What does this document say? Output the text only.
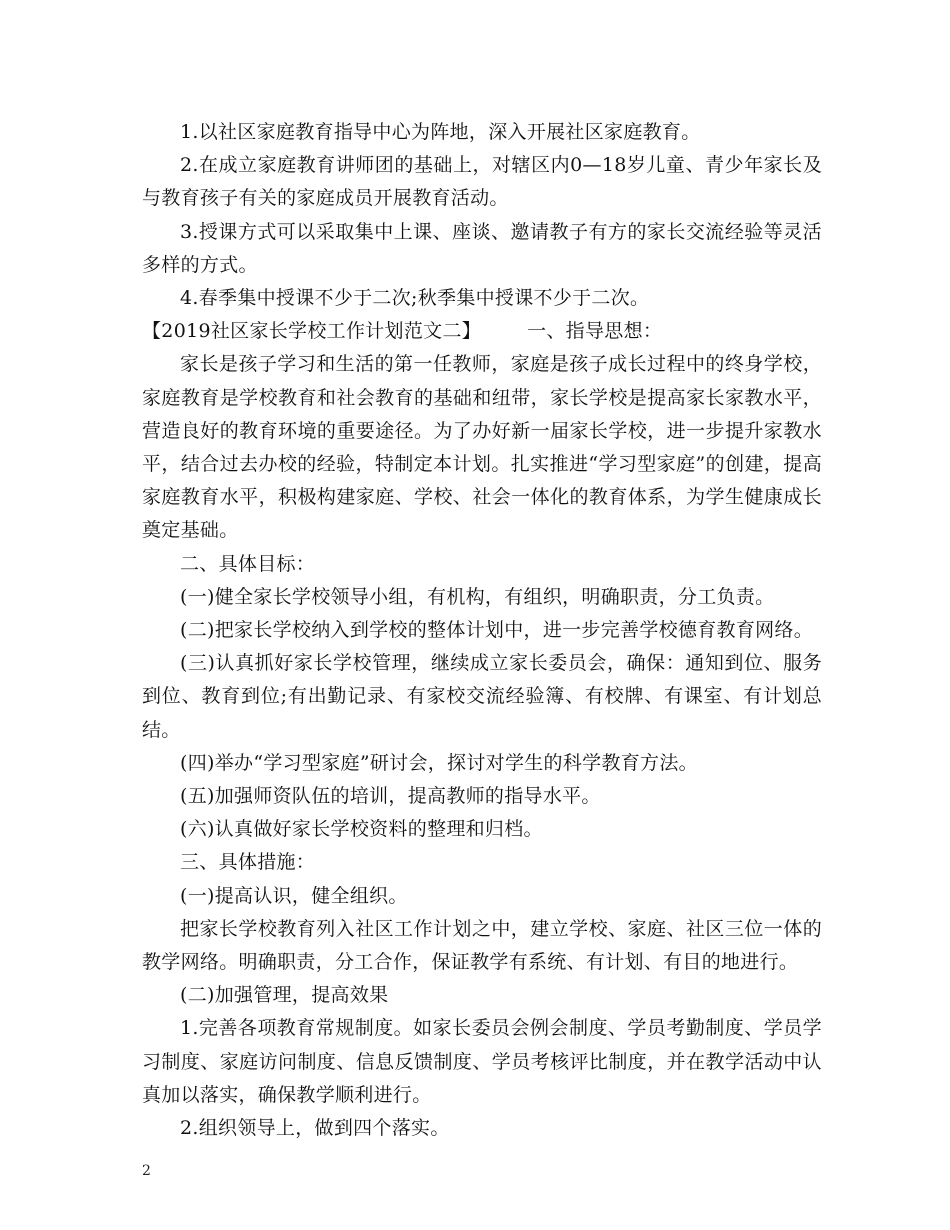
1.以社区家庭教育指导中心为阵地，深入开展社区家庭教育。

2.在成立家庭教育讲师团的基础上，对辖区内0—18岁儿童、青少年家长及与教育孩子有关的家庭成员开展教育活动。

3.授课方式可以采取集中上课、座谈、邀请教子有方的家长交流经验等灵活多样的方式。

4.春季集中授课不少于二次;秋季集中授课不少于二次。

【2019社区家长学校工作计划范文二】 一、指导思想：

家长是孩子学习和生活的第一任教师，家庭是孩子成长过程中的终身学校，家庭教育是学校教育和社会教育的基础和纽带，家长学校是提高家长家教水平，营造良好的教育环境的重要途径。为了办好新一届家长学校，进一步提升家教水平，结合过去办校的经验，特制定本计划。扎实推进“学习型家庭”的创建，提高家庭教育水平，积极构建家庭、学校、社会一体化的教育体系，为学生健康成长奠定基础。

二、具体目标：

(一)健全家长学校领导小组，有机构，有组织，明确职责，分工负责。

(二)把家长学校纳入到学校的整体计划中，进一步完善学校德育教育网络。

(三)认真抓好家长学校管理，继续成立家长委员会，确保：通知到位、服务到位、教育到位;有出勤记录、有家校交流经验簿、有校牌、有课室、有计划总结。

(四)举办“学习型家庭”研讨会，探讨对学生的科学教育方法。

(五)加强师资队伍的培训，提高教师的指导水平。

(六)认真做好家长学校资料的整理和归档。

三、具体措施：

(一)提高认识，健全组织。

把家长学校教育列入社区工作计划之中，建立学校、家庭、社区三位一体的教学网络。明确职责，分工合作，保证教学有系统、有计划、有目的地进行。

(二)加强管理，提高效果

1.完善各项教育常规制度。如家长委员会例会制度、学员考勤制度、学员学习制度、家庭访问制度、信息反馈制度、学员考核评比制度，并在教学活动中认真加以落实，确保教学顺利进行。

2.组织领导上，做到四个落实。

2
